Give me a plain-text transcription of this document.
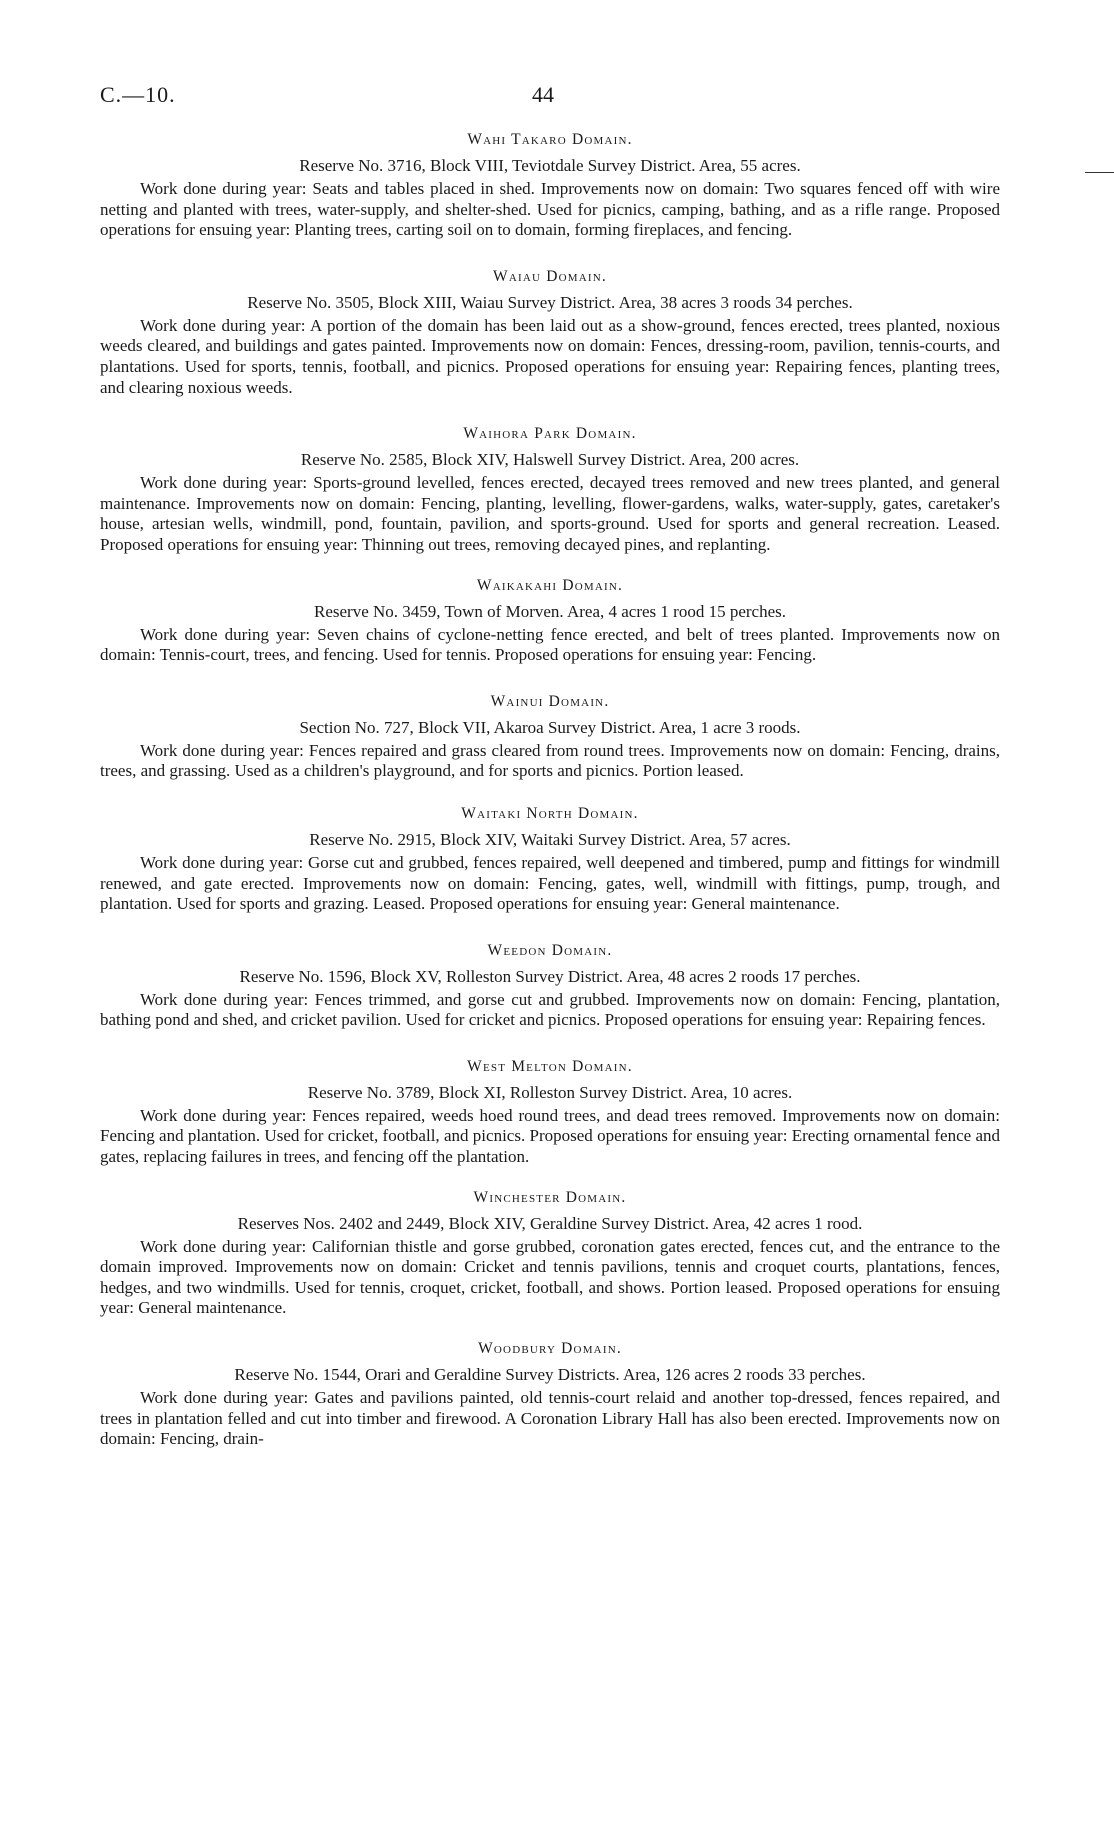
C.—10.	44

Wahi Takaro Domain.

Reserve No. 3716, Block VIII, Teviotdale Survey District. Area, 55 acres.

Work done during year: Seats and tables placed in shed. Improvements now on domain: Two squares fenced off with wire netting and planted with trees, water-supply, and shelter-shed. Used for picnics, camping, bathing, and as a rifle range. Proposed operations for ensuing year: Planting trees, carting soil on to domain, forming fireplaces, and fencing.

Waiau Domain.

Reserve No. 3505, Block XIII, Waiau Survey District. Area, 38 acres 3 roods 34 perches.

Work done during year: A portion of the domain has been laid out as a show-ground, fences erected, trees planted, noxious weeds cleared, and buildings and gates painted. Improvements now on domain: Fences, dressing-room, pavilion, tennis-courts, and plantations. Used for sports, tennis, football, and picnics. Proposed operations for ensuing year: Repairing fences, planting trees, and clearing noxious weeds.

Waihora Park Domain.

Reserve No. 2585, Block XIV, Halswell Survey District. Area, 200 acres.

Work done during year: Sports-ground levelled, fences erected, decayed trees removed and new trees planted, and general maintenance. Improvements now on domain: Fencing, planting, levelling, flower-gardens, walks, water-supply, gates, caretaker's house, artesian wells, windmill, pond, fountain, pavilion, and sports-ground. Used for sports and general recreation. Leased. Proposed operations for ensuing year: Thinning out trees, removing decayed pines, and replanting.

Waikakahi Domain.

Reserve No. 3459, Town of Morven. Area, 4 acres 1 rood 15 perches.

Work done during year: Seven chains of cyclone-netting fence erected, and belt of trees planted. Improvements now on domain: Tennis-court, trees, and fencing. Used for tennis. Proposed operations for ensuing year: Fencing.

Wainui Domain.

Section No. 727, Block VII, Akaroa Survey District. Area, 1 acre 3 roods.

Work done during year: Fences repaired and grass cleared from round trees. Improvements now on domain: Fencing, drains, trees, and grassing. Used as a children's playground, and for sports and picnics. Portion leased.

Waitaki North Domain.

Reserve No. 2915, Block XIV, Waitaki Survey District. Area, 57 acres.

Work done during year: Gorse cut and grubbed, fences repaired, well deepened and timbered, pump and fittings for windmill renewed, and gate erected. Improvements now on domain: Fencing, gates, well, windmill with fittings, pump, trough, and plantation. Used for sports and grazing. Leased. Proposed operations for ensuing year: General maintenance.

Weedon Domain.

Reserve No. 1596, Block XV, Rolleston Survey District. Area, 48 acres 2 roods 17 perches.

Work done during year: Fences trimmed, and gorse cut and grubbed. Improvements now on domain: Fencing, plantation, bathing pond and shed, and cricket pavilion. Used for cricket and picnics. Proposed operations for ensuing year: Repairing fences.

West Melton Domain.

Reserve No. 3789, Block XI, Rolleston Survey District. Area, 10 acres.

Work done during year: Fences repaired, weeds hoed round trees, and dead trees removed. Improvements now on domain: Fencing and plantation. Used for cricket, football, and picnics. Proposed operations for ensuing year: Erecting ornamental fence and gates, replacing failures in trees, and fencing off the plantation.

Winchester Domain.

Reserves Nos. 2402 and 2449, Block XIV, Geraldine Survey District. Area, 42 acres 1 rood.

Work done during year: Californian thistle and gorse grubbed, coronation gates erected, fences cut, and the entrance to the domain improved. Improvements now on domain: Cricket and tennis pavilions, tennis and croquet courts, plantations, fences, hedges, and two windmills. Used for tennis, croquet, cricket, football, and shows. Portion leased. Proposed operations for ensuing year: General maintenance.

Woodbury Domain.

Reserve No. 1544, Orari and Geraldine Survey Districts. Area, 126 acres 2 roods 33 perches.

Work done during year: Gates and pavilions painted, old tennis-court relaid and another top-dressed, fences repaired, and trees in plantation felled and cut into timber and firewood. A Coronation Library Hall has also been erected. Improvements now on domain: Fencing, drain-
